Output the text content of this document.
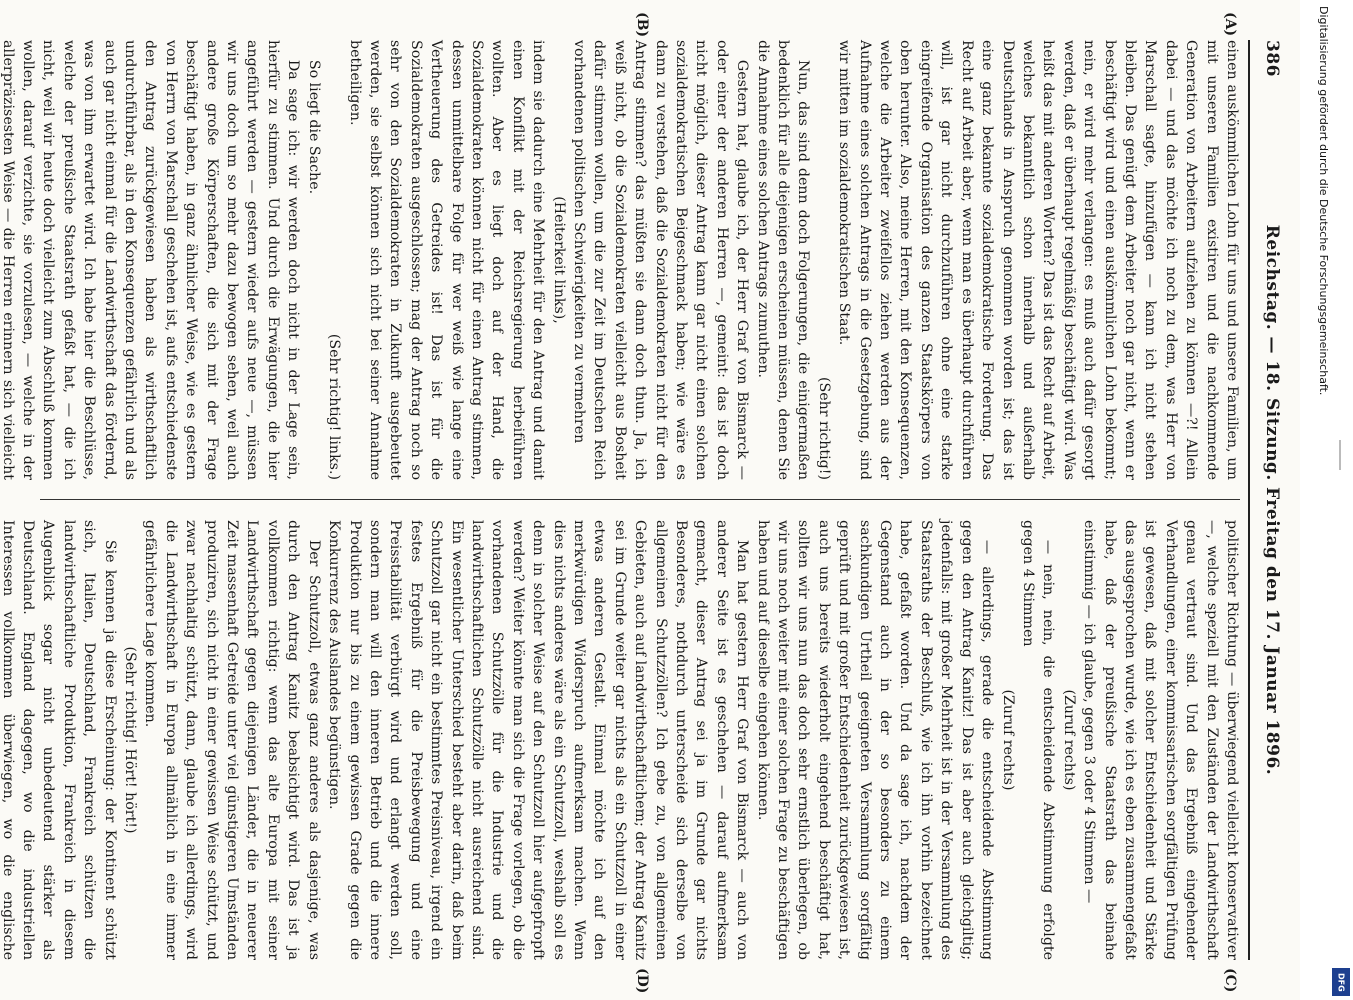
386
Reichstag. — 18. Sitzung. Freitag den 17. Januar 1896.
(A)
(B)
(C)
(D)

einen auskömmlichen Lohn für uns und unsere Familien, um mit unseren Familien existiren und die nachkommende Generation von Arbeitern aufziehen zu können —?! Allein dabei — und das möchte ich noch zu dem, was Herr von Marschall sagte, hinzufügen — kann ich nicht stehen bleiben. Das genügt dem Arbeiter noch gar nicht, wenn er beschäftigt wird und einen auskömmlichen Lohn bekommt; nein, er wird mehr verlangen: es muß auch dafür gesorgt werden, daß er überhaupt regelmäßig beschäftigt wird. Was heißt das mit anderen Worten? Das ist das Recht auf Arbeit, welches bekanntlich schon innerhalb und außerhalb Deutschlands in Anspruch genommen worden ist; das ist eine ganz bekannte sozialdemokratische Forderung. Das Recht auf Arbeit aber, wenn man es überhaupt durchführen will, ist gar nicht durchzuführen ohne eine starke eingreifende Organisation des ganzen Staatskörpers von oben herunter. Also, meine Herren, mit den Konsequenzen, welche die Arbeiter zweifellos ziehen werden aus der Aufnahme eines solchen Antrags in die Gesetzgebung, sind wir mitten im sozialdemokratischen Staat.

(Sehr richtig!)

Nun, das sind denn doch Folgerungen, die einigermaßen bedenklich für alle diejenigen erscheinen müssen, denen Sie die Annahme eines solchen Antrags zumuthen.

Gestern hat, glaube ich, der Herr Graf von Bismarck — oder einer der anderen Herren —, gemeint: das ist doch nicht möglich, dieser Antrag kann gar nicht einen solchen sozialdemokratischen Beigeschmack haben; wie wäre es dann zu verstehen, daß die Sozialdemokraten nicht für den Antrag stimmen? das müßten sie dann doch thun. Ja, ich weiß nicht, ob die Sozialdemokraten vielleicht aus Bosheit dafür stimmen wollen, um die zur Zeit im Deutschen Reich vorhandenen politischen Schwierigkeiten zu vermehren

(Heiterkeit links),

indem sie dadurch eine Mehrheit für den Antrag und damit einen Konflikt mit der Reichsregierung herbeiführen wollten. Aber es liegt doch auf der Hand, die Sozialdemokraten können nicht für einen Antrag stimmen, dessen unmittelbare Folge für wer weiß wie lange eine Vertheuerung des Getreides ist! Das ist für die Sozialdemokraten ausgeschlossen; mag der Antrag noch so sehr von den Sozialdemokraten in Zukunft ausgebeutet werden, sie selbst können sich nicht bei seiner Annahme betheiligen.

(Sehr richtig! links.)

So liegt die Sache.

Da sage ich: wir werden doch nicht in der Lage sein, hierfür zu stimmen. Und durch die Erwägungen, die hier angeführt werden — gestern wieder aufs neue —, müssen wir uns doch um so mehr dazu bewogen sehen, weil auch andere große Körperschaften, die sich mit der Frage beschäftigt haben, in ganz ähnlicher Weise, wie es gestern von Herrn von Marschall geschehen ist, aufs entschiedenste den Antrag zurückgewiesen haben als wirthschaftlich undurchführbar, als in den Konsequenzen gefährlich und als auch gar nicht einmal für die Landwirthschaft das fördernd, was von ihm erwartet wird. Ich habe hier die Beschlüsse, welche der preußische Staatsrath gefaßt hat, — die ich nicht, weil wir heute doch vielleicht zum Abschluß kommen wollen, darauf verzichte, sie vorzulesen, — welche in der allerpräzisesten Weise — die Herren erinnern sich vielleicht

politischer Richtung — überwiegend vielleicht konservativer —, welche speziell mit den Zuständen der Landwirthschaft genau vertraut sind. Und das Ergebniß eingehender Verhandlungen, einer kommissarischen sorgfältigen Prüfung ist gewesen, daß mit solcher Entschiedenheit und Stärke das ausgesprochen wurde, wie ich es eben zusammengefaßt habe, daß der preußische Staatsrath das beinahe einstimmig — ich glaube, gegen 3 oder 4 Stimmen —

(Zuruf rechts)

— nein, nein, die entscheidende Abstimmung erfolgte gegen 4 Stimmen

(Zuruf rechts)

— allerdings, gerade die entscheidende Abstimmung gegen den Antrag Kanitz! Das ist aber auch gleichgiltig; jedenfalls: mit großer Mehrheit ist in der Versammlung des Staatsraths der Beschluß, wie ich ihn vorhin bezeichnet habe, gefaßt worden. Und da sage ich, nachdem der Gegenstand auch in der so besonders zu einem sachkundigen Urtheil geeigneten Versammlung sorgfältig geprüft und mit großer Entschiedenheit zurückgewiesen ist, auch uns bereits wiederholt eingehend beschäftigt hat, sollten wir uns nun das doch sehr ernstlich überlegen, ob wir uns noch weiter mit einer solchen Frage zu beschäftigen haben und auf dieselbe eingehen können.

Man hat gestern Herr Graf von Bismarck — auch von anderer Seite ist es geschehen — darauf aufmerksam gemacht, dieser Antrag sei ja im Grunde gar nichts Besonderes, nothdurch unterscheide sich derselbe von allgemeinen Schutzzöllen? Ich gebe zu, von allgemeinen Gebieten, auch auf landwirthschaftlichem; der Antrag Kanitz sei im Grunde weiter gar nichts als ein Schutzzoll in einer etwas anderen Gestalt. Einmal möchte ich auf den merkwürdigen Widerspruch aufmerksam machen. Wenn dies nichts anderes wäre als ein Schutzzoll, weshalb soll es denn in solcher Weise auf den Schutzzoll hier aufgepfropft werden? Weiter könnte man sich die Frage vorlegen, ob die vorhandenen Schutzzölle für die Industrie und die landwirthschaftlichen Schutzzölle nicht ausreichend sind. Ein wesentlicher Unterschied besteht aber darin, daß beim Schutzzoll gar nicht ein bestimmtes Preisniveau, irgend ein festes Ergebniß für die Preisbewegung und eine Preisstabilität verbürgt wird und erlangt werden soll, sondern man will den inneren Betrieb und die innere Produktion nur bis zu einem gewissen Grade gegen die Konkurrenz des Auslandes begünstigen.

Der Schutzzoll, etwas ganz anderes als dasjenige, was durch den Antrag Kanitz beabsichtigt wird. Das ist ja vollkommen richtig: wenn das alte Europa mit seiner Landwirthschaft gegen diejenigen Länder, die in neuerer Zeit massenhaft Getreide unter viel günstigeren Umständen produziren, sich nicht in einer gewissen Weise schützt, und zwar nachhaltig schützt, dann, glaube ich allerdings, wird die Landwirthschaft in Europa allmählich in eine immer gefährlichere Lage kommen.

(Sehr richtig! Hört! hört!)

Sie kennen ja diese Erscheinung: der Kontinent schützt sich, Italien, Deutschland, Frankreich schützen die landwirthschaftliche Produktion, Frankreich in diesem Augenblick sogar nicht unbedeutend stärker als Deutschland. England dagegen, wo die industriellen Interessen vollkommen überwiegen, wo die englische

Digitalisierung gefördert durch die Deutsche Forschungsgemeinschaft.
DFG
